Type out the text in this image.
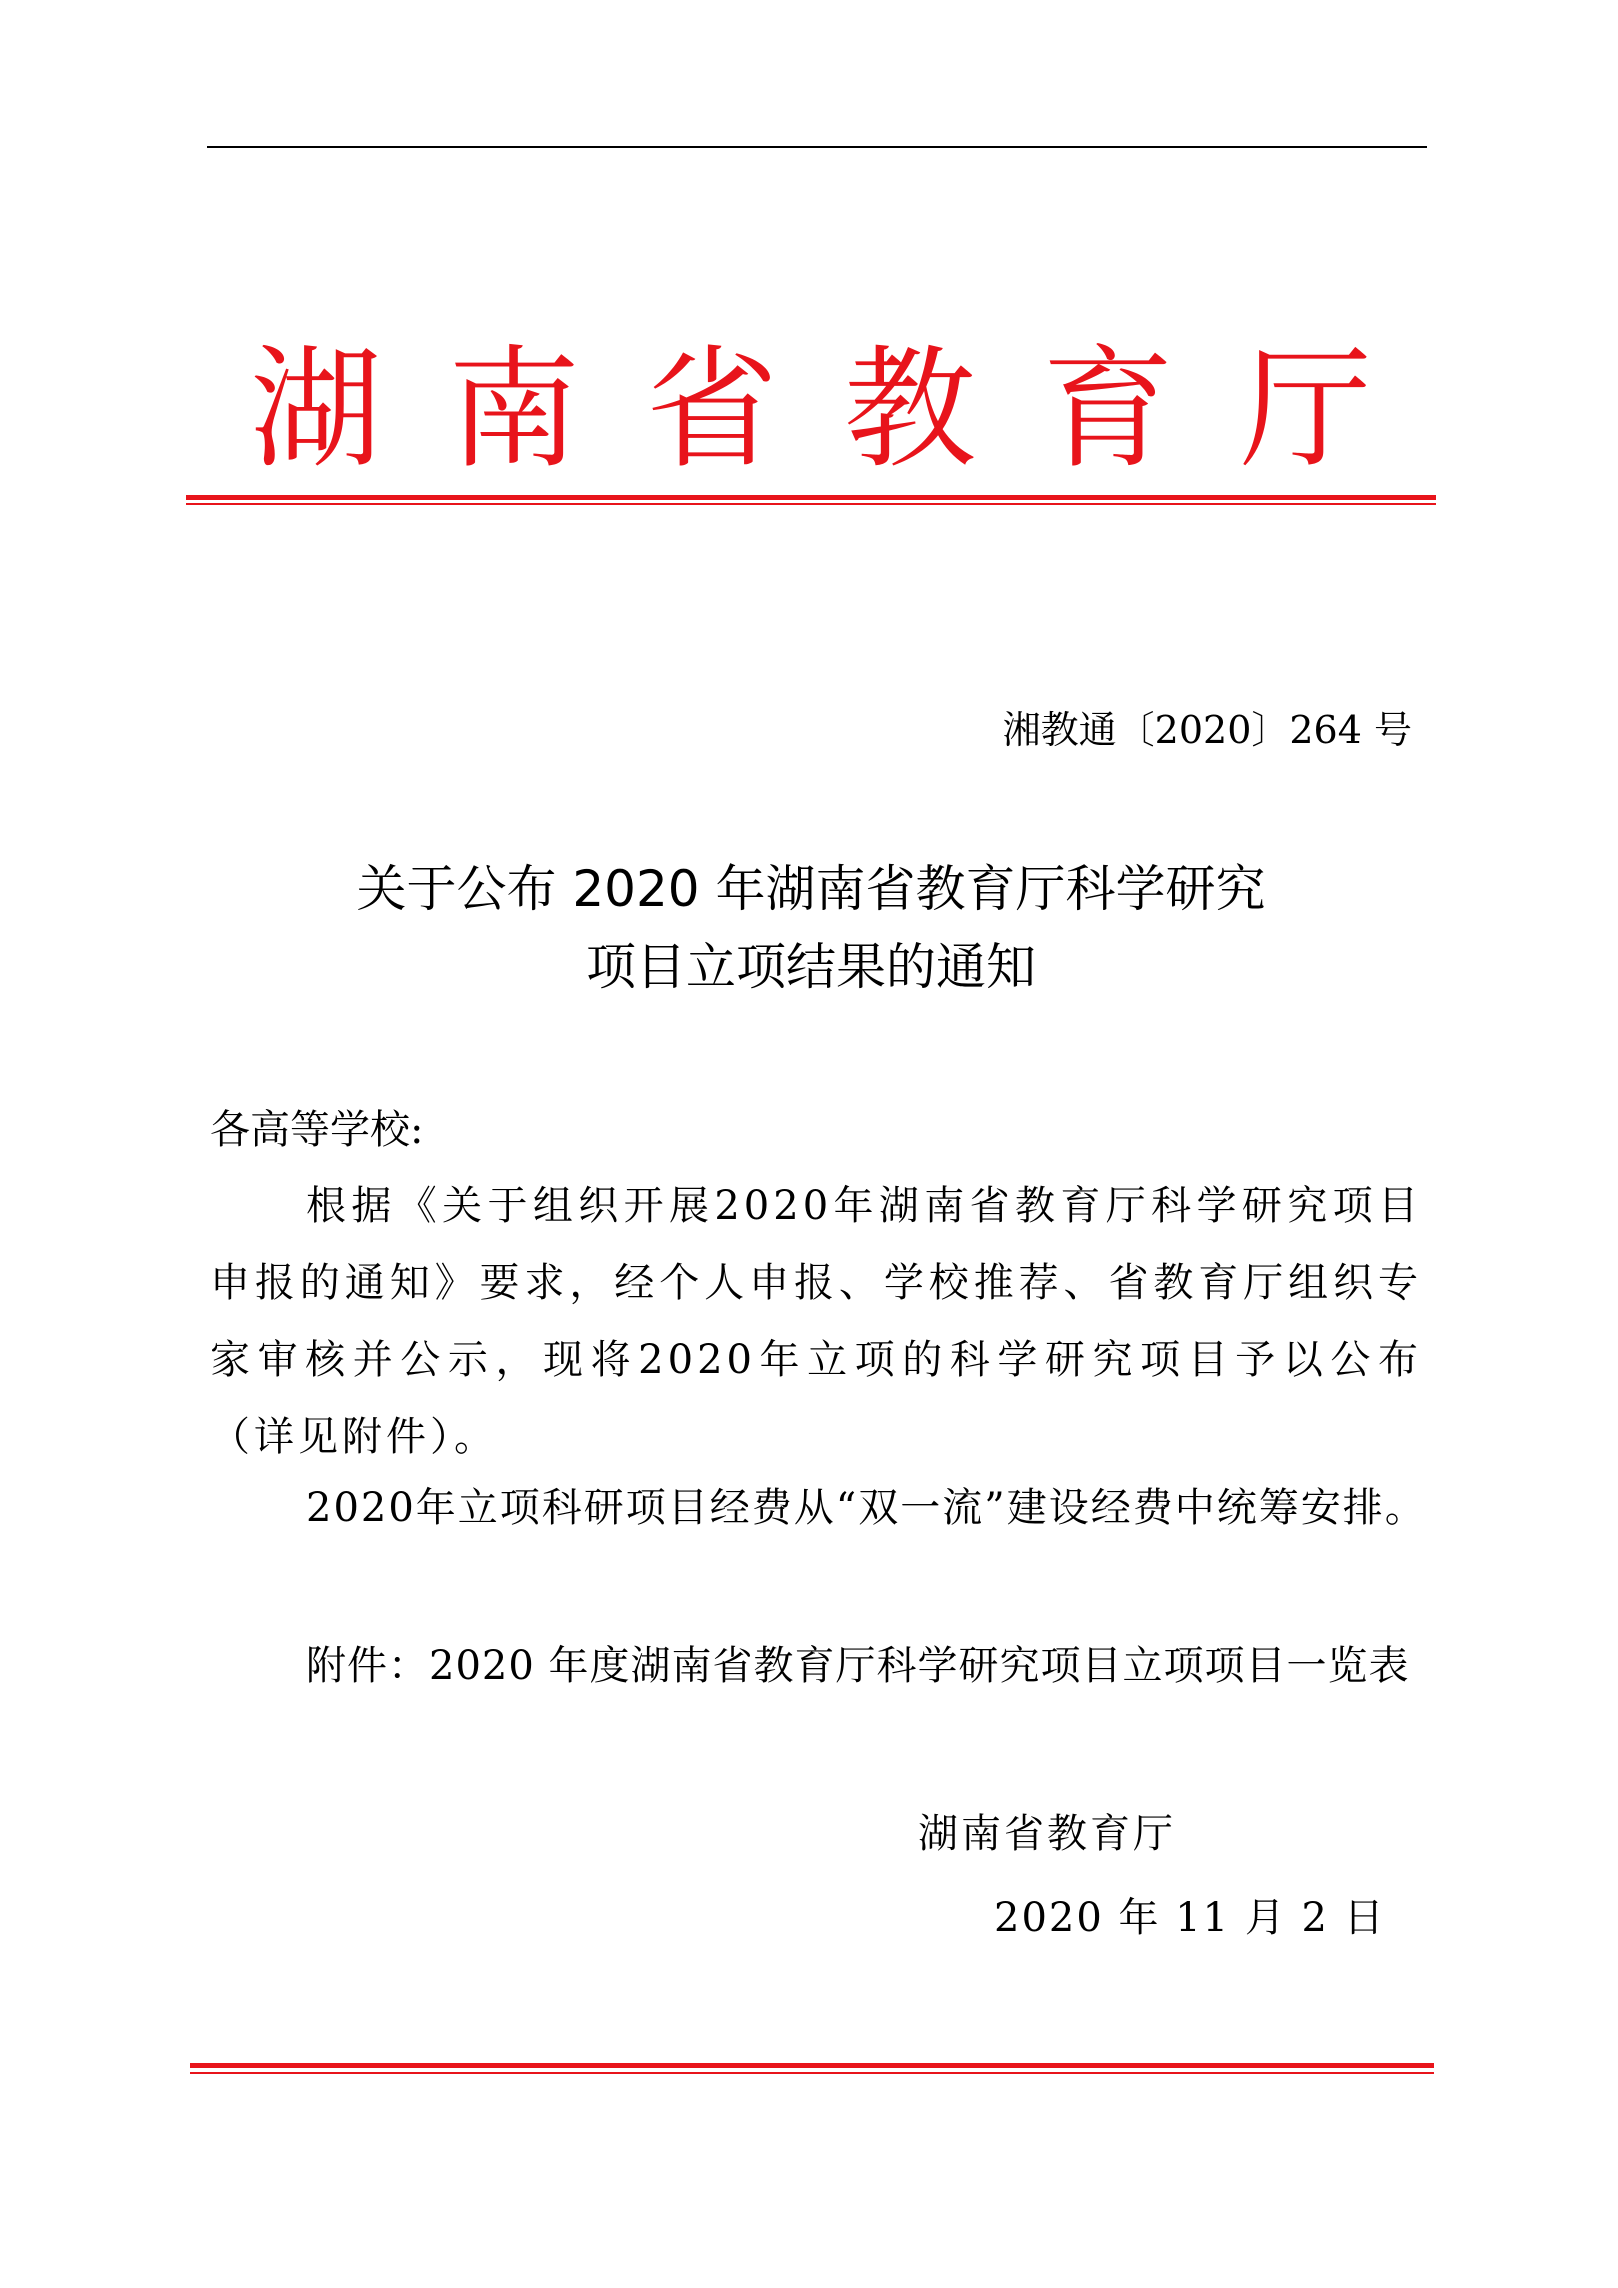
湖 南 省 教 育 厅
湘教通〔2020〕264 号
关于公布 2020 年湖南省教育厅科学研究
项目立项结果的通知
各高等学校:
根据《关于组织开展2020年湖南省教育厅科学研究项目申报的通知》要求，经个人申报、学校推荐、省教育厅组织专家审核并公示，现将2020年立项的科学研究项目予以公布（详见附件）。
2020年立项科研项目经费从“双一流”建设经费中统筹安排。
附件：2020 年度湖南省教育厅科学研究项目立项项目一览表
湖南省教育厅
2020 年 11 月 2 日
